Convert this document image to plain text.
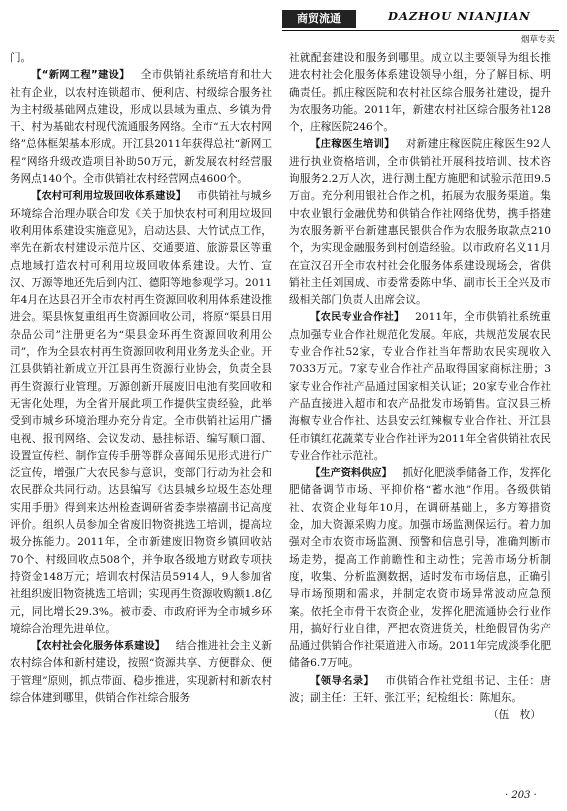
商贸流通	DAZHOU NIANJIAN
烟草专卖

门。

【“新网工程”建设】  全市供销社系统培育和壮大社有企业，以农村连锁超市、便利店、村级综合服务社为主村级基础网点建设，形成以县域为重点、乡镇为骨干、村为基础农村现代流通服务网络。全市“五大农村网络”总体框架基本形成。开江县2011年获得总社“新网工程”网络升级改造项目补助50万元，新发展农村经营服务网点140个。全市供销社农村经营网点4600个。

【农村可利用垃圾回收体系建设】  市供销社与城乡环境综合治理办联合印发《关于加快农村可利用垃圾回收利用体系建设实施意见》，启动达县、大竹试点工作，率先在新农村建设示范片区、交通要道、旅游景区等重点地域打造农村可利用垃圾回收体系建设。大竹、宣汉、万源等地还先后到内江、德阳等地参观学习。2011年4月在达县召开全市农村再生资源回收利用体系建设推进会。渠县恢复重组再生资源回收公司，将原“渠县日用杂品公司”注册更名为“渠县金环再生资源回收利用公司”，作为全县农村再生资源回收利用业务龙头企业。开江县供销社新成立开江县再生资源行业协会，负责全县再生资源行业管理。万源创新开展废旧电池有奖回收和无害化处理，为全省开展此项工作提供宝贵经验，此举受到市城乡环境治理办充分肯定。全市供销社运用广播电视、报刊网络、会议发动、悬挂标语、编写顺口溜、设置宣传栏、制作宣传手册等群众喜闻乐见形式进行广泛宣传，增强广大农民参与意识，变部门行动为社会和农民群众共同行动。达县编写《达县城乡垃圾生态处理实用手册》得到来达州检查调研省委李崇禧副书记高度评价。组织人员参加全省废旧物资挑选工培训，提高垃圾分拣能力。2011年，全市新建废旧物资乡镇回收站70个、村级回收点508个，并争取各级地方财政专项扶持资金148万元；培训农村保洁员5914人，9人参加省社组织废旧物资挑选工培训；实现再生资源收购额1.8亿元，同比增长29.3%。被市委、市政府评为全市城乡环境综合治理先进单位。

【农村社会化服务体系建设】  结合推进社会主义新农村综合体和新村建设，按照“资源共享、方便群众、便于管理”原则，抓点带面、稳步推进，实现新村和新农村综合体建到哪里，供销合作社综合服务

社就配套建设和服务到哪里。成立以主要领导为组长推进农村社会化服务体系建设领导小组，分了解目标、明确责任。抓庄稼医院和农村社区综合服务社建设，提升为农服务功能。2011年，新建农村社区综合服务社128个，庄稼医院246个。

【庄稼医生培训】  对新建庄稼医院庄稼医生92人进行执业资格培训，全市供销社开展科技培训、技术咨询服务2.2万人次，进行测土配方施肥和试验示范田9.5万亩。充分利用银社合作之机，拓展为农服务渠道。集中农业银行金融优势和供销合作社网络优势，携手搭建为农服务新平台新建惠民银供合作为农服务取款点210个，为实现金融服务到村创造经验。以市政府名义11月在宣汉召开全市农村社会化服务体系建设现场会，省供销社主任刘国成、市委常委陈中华、副市长王全兴及市级相关部门负责人出席会议。

【农民专业合作社】  2011年，全市供销社系统重点加强专业合作社规范化发展。年底，共规范发展农民专业合作社52家，专业合作社当年帮助农民实现收入7033万元。7家专业合作社产品取得国家商标注册；3家专业合作社产品通过国家相关认证；20家专业合作社产品直接进入超市和农产品批发市场销售。宣汉县三桥海椒专业合作社、达县安云红辣椒专业合作社、开江县任市镇红花蔬菜专业合作社评为2011年全省供销社农民专业合作社示范社。

【生产资料供应】  抓好化肥淡季储备工作，发挥化肥储备调节市场、平抑价格“蓄水池”作用。各级供销社、农资企业每年10月，在调研基础上，多方筹措资金，加大资源采购力度。加强市场监测保运行。着力加强对全市农资市场监测、预警和信息引导，准确判断市场走势，提高工作前瞻性和主动性；完善市场分析制度，收集、分析监测数据，适时发布市场信息，正确引导市场预期和需求，并制定农资市场异常波动应急预案。依托全市骨干农资企业，发挥化肥流通协会行业作用，搞好行业自律，严把农资进货关，杜绝假冒伪劣产品通过供销合作社渠道进入市场。2011年完成淡季化肥储备6.7万吨。

【领导名录】  市供销合作社党组书记、主任：唐波；副主任：王轩、张江平；纪检组长：陈旭东。

（伍　枚）

· 203 ·
